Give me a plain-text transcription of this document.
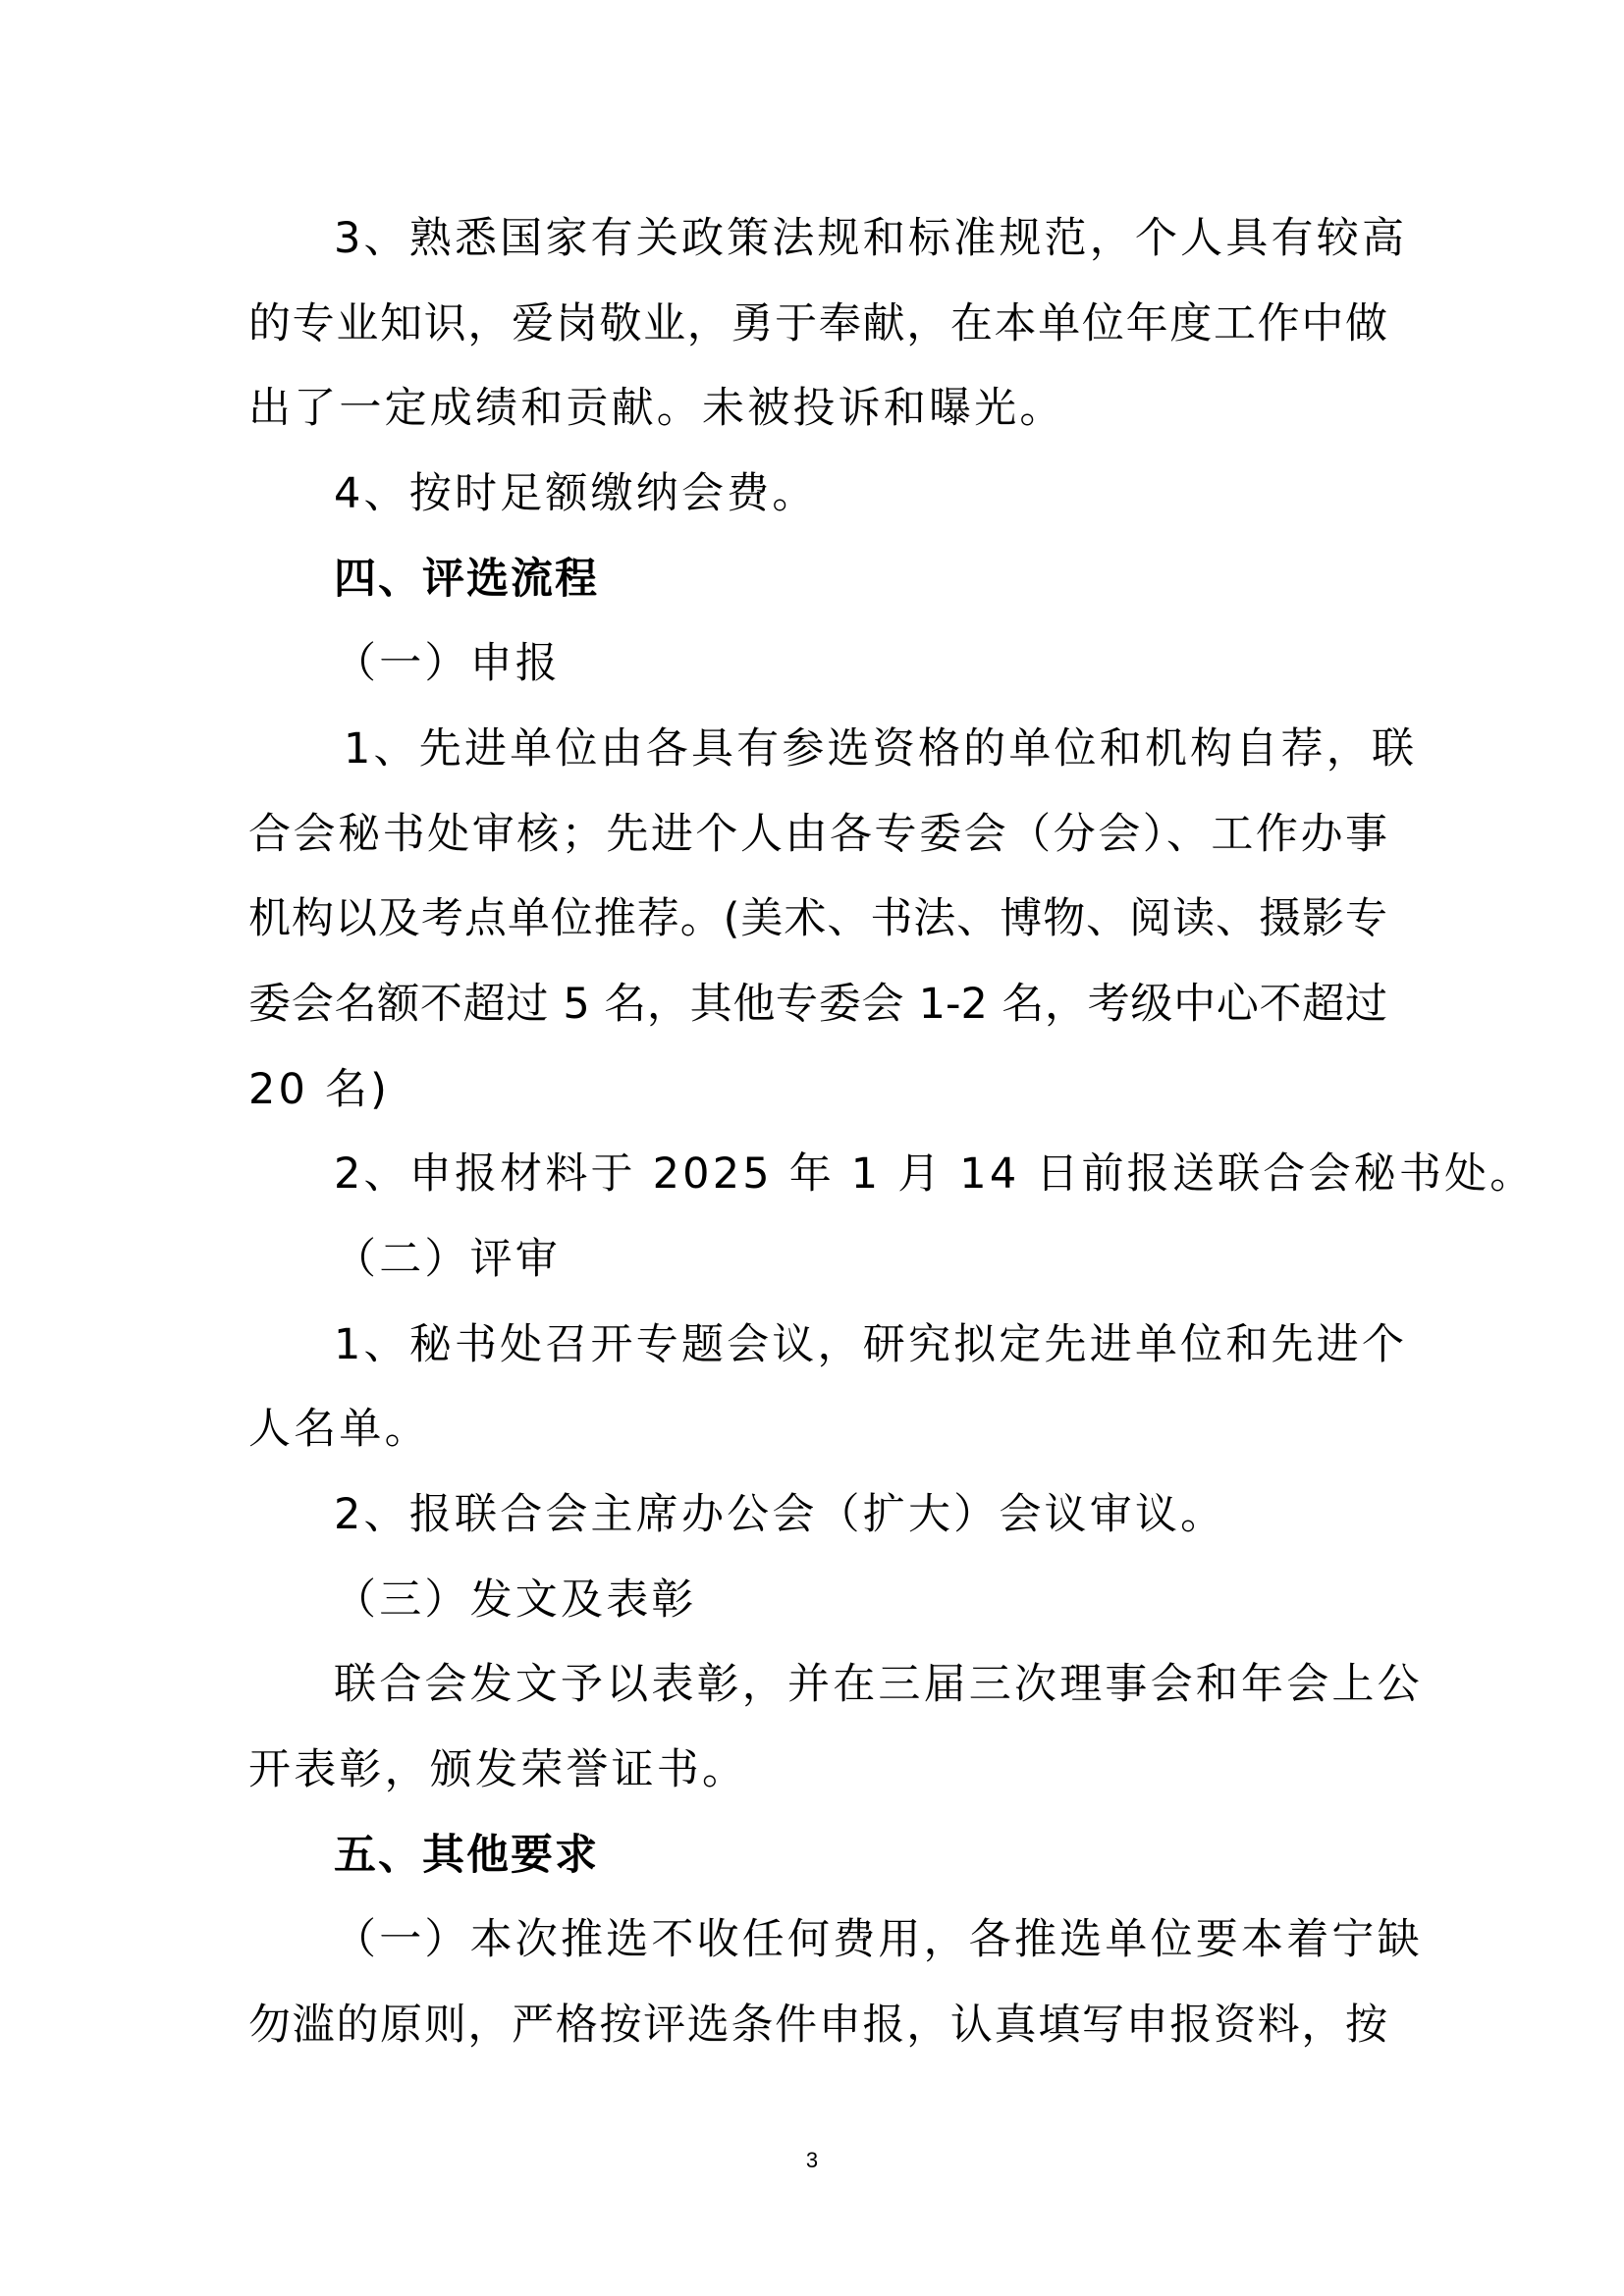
3、熟悉国家有关政策法规和标准规范，个人具有较高
的专业知识，爱岗敬业，勇于奉献，在本单位年度工作中做
出了一定成绩和贡献。未被投诉和曝光。
4、按时足额缴纳会费。
四、评选流程
（一）申报
1、先进单位由各具有参选资格的单位和机构自荐，联
合会秘书处审核；先进个人由各专委会（分会）、工作办事
机构以及考点单位推荐。(美术、书法、博物、阅读、摄影专
委会名额不超过 5 名，其他专委会 1-2 名，考级中心不超过
20 名)
2、申报材料于 2025 年 1 月 14 日前报送联合会秘书处。
（二）评审
1、秘书处召开专题会议，研究拟定先进单位和先进个
人名单。
2、报联合会主席办公会（扩大）会议审议。
（三）发文及表彰
联合会发文予以表彰，并在三届三次理事会和年会上公
开表彰，颁发荣誉证书。
五、其他要求
（一）本次推选不收任何费用，各推选单位要本着宁缺
勿滥的原则，严格按评选条件申报，认真填写申报资料，按
3
